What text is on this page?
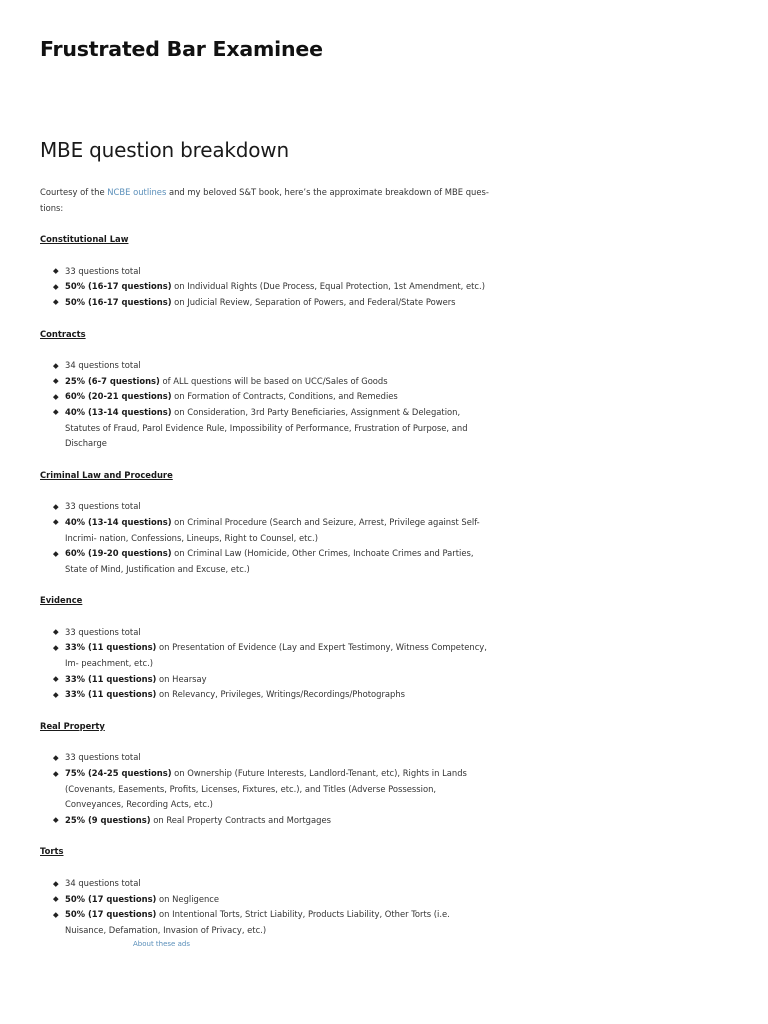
Frustrated Bar Examinee
MBE question breakdown

Courtesy of the NCBE outlines and my beloved S&T book, here’s the approximate breakdown of MBE ques- tions:

Constitutional Law

33 questions total
50% (16-17 questions) on Individual Rights (Due Process, Equal Protection, 1st Amendment, etc.)
50% (16-17 questions) on Judicial Review, Separation of Powers, and Federal/State Powers

Contracts

34 questions total
25% (6-7 questions) of ALL questions will be based on UCC/Sales of Goods
60% (20-21 questions) on Formation of Contracts, Conditions, and Remedies
40% (13-14 questions) on Consideration, 3rd Party Beneficiaries, Assignment & Delegation, Statutes of Fraud, Parol Evidence Rule, Impossibility of Performance, Frustration of Purpose, and Discharge

Criminal Law and Procedure

33 questions total
40% (13-14 questions) on Criminal Procedure (Search and Seizure, Arrest, Privilege against Self-Incrimi- nation, Confessions, Lineups, Right to Counsel, etc.)
60% (19-20 questions) on Criminal Law (Homicide, Other Crimes, Inchoate Crimes and Parties, State of Mind, Justification and Excuse, etc.)

Evidence

33 questions total
33% (11 questions) on Presentation of Evidence (Lay and Expert Testimony, Witness Competency, Im- peachment, etc.)
33% (11 questions) on Hearsay
33% (11 questions) on Relevancy, Privileges, Writings/Recordings/Photographs

Real Property

33 questions total
75% (24-25 questions) on Ownership (Future Interests, Landlord-Tenant, etc), Rights in Lands (Covenants, Easements, Profits, Licenses, Fixtures, etc.), and Titles (Adverse Possession, Conveyances, Recording Acts, etc.)
25% (9 questions) on Real Property Contracts and Mortgages

Torts

34 questions total
50% (17 questions) on Negligence
50% (17 questions) on Intentional Torts, Strict Liability, Products Liability, Other Torts (i.e. Nuisance, Defamation, Invasion of Privacy, etc.)
About these ads
